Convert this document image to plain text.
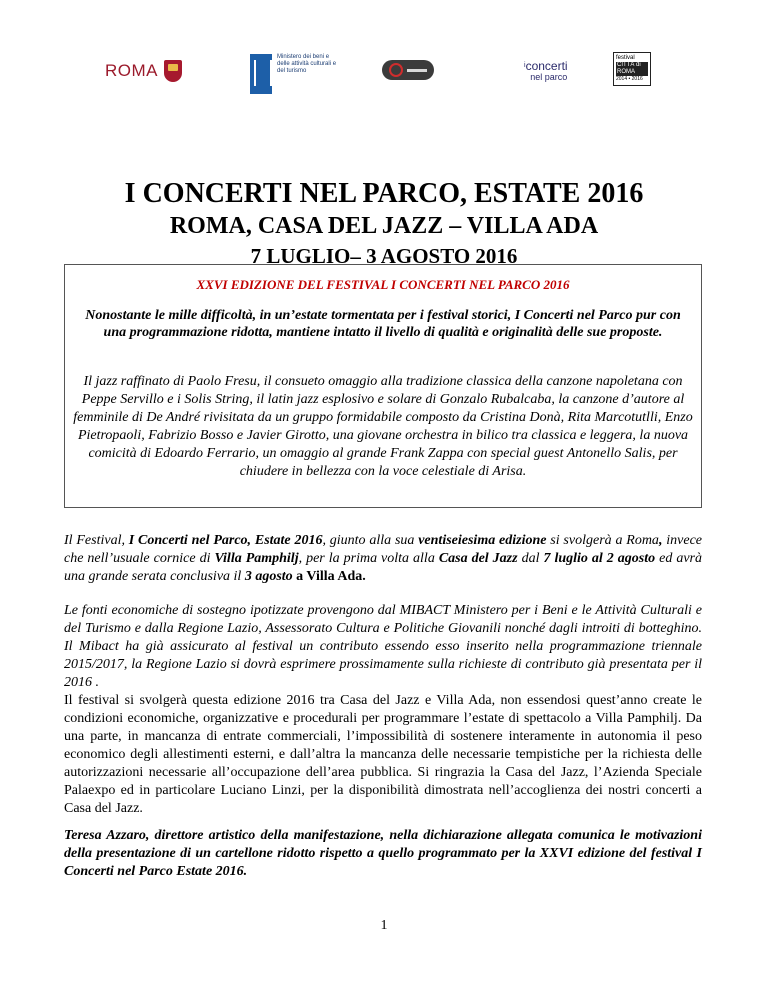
ROMA
Ministero dei beni e delle attività culturali e del turismo
$^i$concerti
nel parco
festival
CITTÀ di ROMA
2014 • 2016
I CONCERTI NEL PARCO, ESTATE 2016
ROMA, CASA DEL JAZZ – VILLA ADA
7 LUGLIO– 3 AGOSTO 2016
XXVI EDIZIONE DEL FESTIVAL I CONCERTI NEL PARCO 2016
Nonostante le mille difficoltà, in un’estate tormentata per i festival storici, I Concerti nel Parco pur con una programmazione ridotta, mantiene intatto il livello di qualità e originalità delle sue proposte.
Il jazz raffinato di Paolo Fresu, il consueto omaggio alla tradizione classica della canzone napoletana con Peppe Servillo e i Solis String, il latin jazz esplosivo e solare di Gonzalo Rubalcaba, la canzone d’autore al femminile di De André rivisitata da un gruppo formidabile composto da Cristina Donà, Rita Marcotutlli, Enzo Pietropaoli, Fabrizio Bosso e Javier Girotto, una giovane orchestra in bilico tra classica e leggera, la nuova comicità di Edoardo Ferrario, un omaggio al grande Frank Zappa con special guest Antonello Salis, per chiudere in bellezza con la voce celestiale di Arisa.
Il Festival, I Concerti nel Parco, Estate 2016, giunto alla sua ventiseiesima edizione si svolgerà a Roma, invece che nell’usuale cornice di Villa Pamphilj, per la prima volta alla Casa del Jazz dal 7 luglio al 2 agosto ed avrà una grande serata conclusiva il 3 agosto a Villa Ada.
Le fonti economiche di sostegno ipotizzate provengono dal MIBACT Ministero per i Beni e le Attività Culturali e del Turismo e dalla Regione Lazio, Assessorato Cultura e Politiche Giovanili nonché dagli introiti di botteghino. Il Mibact ha già assicurato al festival un contributo essendo esso inserito nella programmazione triennale 2015/2017, la Regione Lazio si dovrà esprimere prossimamente sulla richieste di contributo già presentata per il 2016 .
Il festival si svolgerà questa edizione 2016 tra Casa del Jazz e Villa Ada, non essendosi quest’anno create le condizioni economiche, organizzative e procedurali per programmare l’estate di spettacolo a Villa Pamphilj. Da una parte, in mancanza di entrate commerciali, l’impossibilità di sostenere interamente in autonomia il peso economico degli allestimenti esterni, e dall’altra la mancanza delle necessarie tempistiche per la richiesta delle autorizzazioni necessarie all’occupazione dell’area pubblica. Si ringrazia la Casa del Jazz, l’Azienda Speciale Palaexpo ed in particolare Luciano Linzi, per la disponibilità dimostrata nell’accoglienza dei nostri concerti a Casa del Jazz.
Teresa Azzaro, direttore artistico della manifestazione, nella dichiarazione allegata comunica le motivazioni della presentazione di un cartellone ridotto rispetto a quello programmato per la XXVI edizione del festival I Concerti nel Parco Estate 2016.
1
